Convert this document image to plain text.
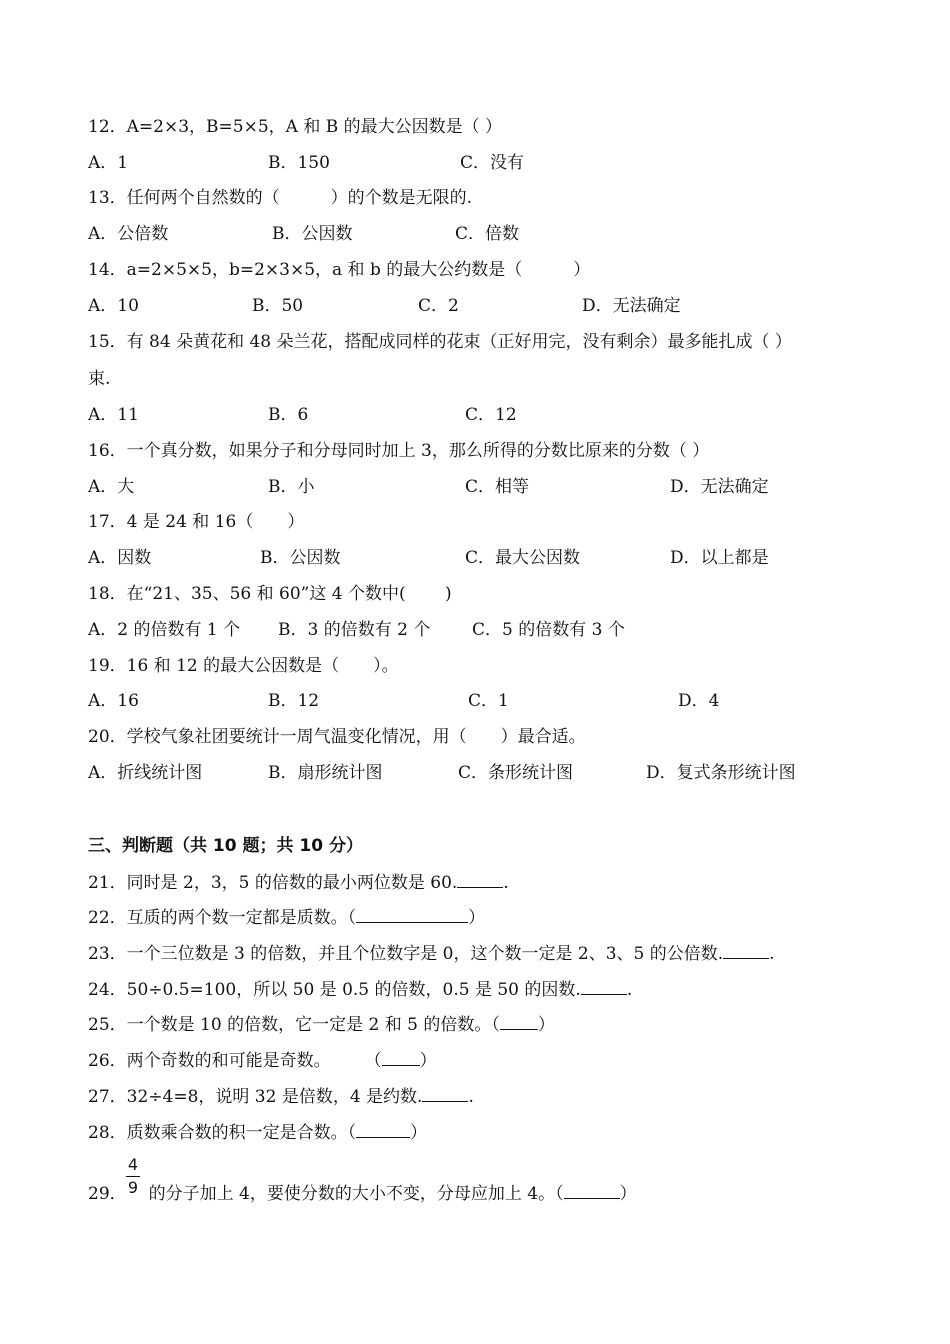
12．A=2×3，B=5×5，A 和 B 的最大公因数是（ ）
A．1	B．150	C．没有
13．任何两个自然数的（　　　）的个数是无限的.
A．公倍数	B．公因数	C．倍数
14．a=2×5×5，b=2×3×5，a 和 b 的最大公约数是（　　　）
A．10	B．50	C．2	D．无法确定
15．有 84 朵黄花和 48 朵兰花，搭配成同样的花束（正好用完，没有剩余）最多能扎成（ ）
束.
A．11	B．6	C．12
16．一个真分数，如果分子和分母同时加上 3，那么所得的分数比原来的分数（ ）
A．大	B．小	C．相等	D．无法确定
17．4 是 24 和 16（　　）
A．因数	B．公因数	C．最大公因数	D．以上都是
18．在“21、35、56 和 60”这 4 个数中(　　 )
A．2 的倍数有 1 个 B．3 的倍数有 2 个 C．5 的倍数有 3 个
19．16 和 12 的最大公因数是（　　）。
A．16	B．12	C．1	D．4
20．学校气象社团要统计一周气温变化情况，用（　　）最合适。
A．折线统计图	B．扇形统计图	C．条形统计图	D．复式条形统计图
三、判断题（共 10 题；共 10 分）
21．同时是 2，3，5 的倍数的最小两位数是 60.	.
22．互质的两个数一定都是质数。（	）
23．一个三位数是 3 的倍数，并且个位数字是 0，这个数一定是 2、3、5 的公倍数.	.
24．50÷0.5=100，所以 50 是 0.5 的倍数，0.5 是 50 的因数.	.
25．一个数是 10 的倍数，它一定是 2 和 5 的倍数。（ ）
26．两个奇数的和可能是奇数。　　　（ ）
27．32÷4=8，说明 32 是倍数，4 是约数.	.
28．质数乘合数的积一定是合数。（	）
4
9
29． 的分子加上 4，要使分数的大小不变，分母应加上 4。（	）
